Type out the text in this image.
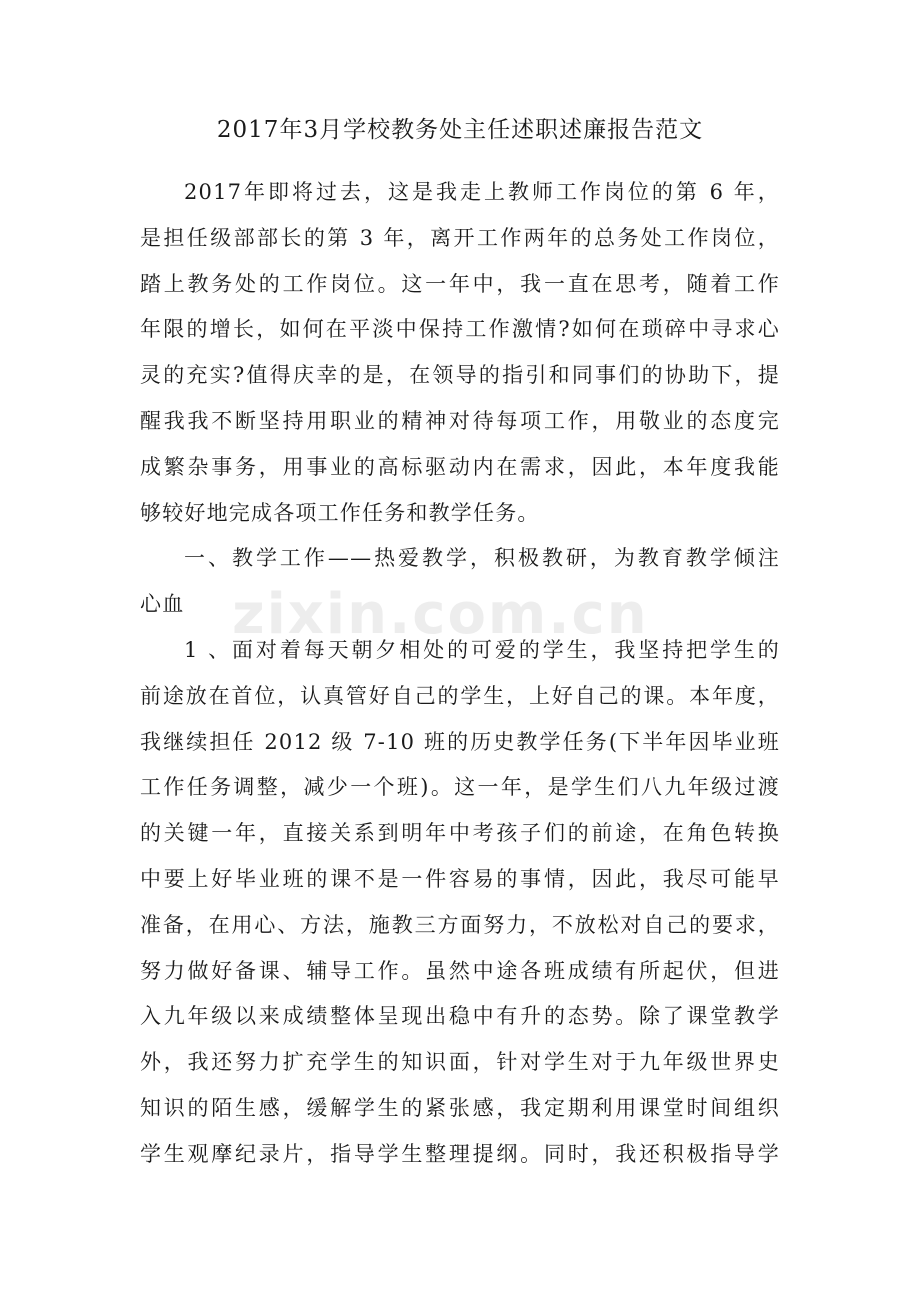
2017年3月学校教务处主任述职述廉报告范文
2017年即将过去，这是我走上教师工作岗位的第 6 年，
是担任级部部长的第 3 年，离开工作两年的总务处工作岗位，
踏上教务处的工作岗位。这一年中，我一直在思考，随着工作
年限的增长，如何在平淡中保持工作激情?如何在琐碎中寻求心
灵的充实?值得庆幸的是，在领导的指引和同事们的协助下，提
醒我我不断坚持用职业的精神对待每项工作，用敬业的态度完
成繁杂事务，用事业的高标驱动内在需求，因此，本年度我能
够较好地完成各项工作任务和教学任务。
一、教学工作——热爱教学，积极教研，为教育教学倾注
心血
1 、面对着每天朝夕相处的可爱的学生，我坚持把学生的
前途放在首位，认真管好自己的学生，上好自己的课。本年度，
我继续担任 2012 级 7-10 班的历史教学任务(下半年因毕业班
工作任务调整，减少一个班)。这一年，是学生们八九年级过渡
的关键一年，直接关系到明年中考孩子们的前途，在角色转换
中要上好毕业班的课不是一件容易的事情，因此，我尽可能早
准备，在用心、方法，施教三方面努力，不放松对自己的要求，
努力做好备课、辅导工作。虽然中途各班成绩有所起伏，但进
入九年级以来成绩整体呈现出稳中有升的态势。除了课堂教学
外，我还努力扩充学生的知识面，针对学生对于九年级世界史
知识的陌生感，缓解学生的紧张感，我定期利用课堂时间组织
学生观摩纪录片，指导学生整理提纲。同时，我还积极指导学
zixin.com.cn
